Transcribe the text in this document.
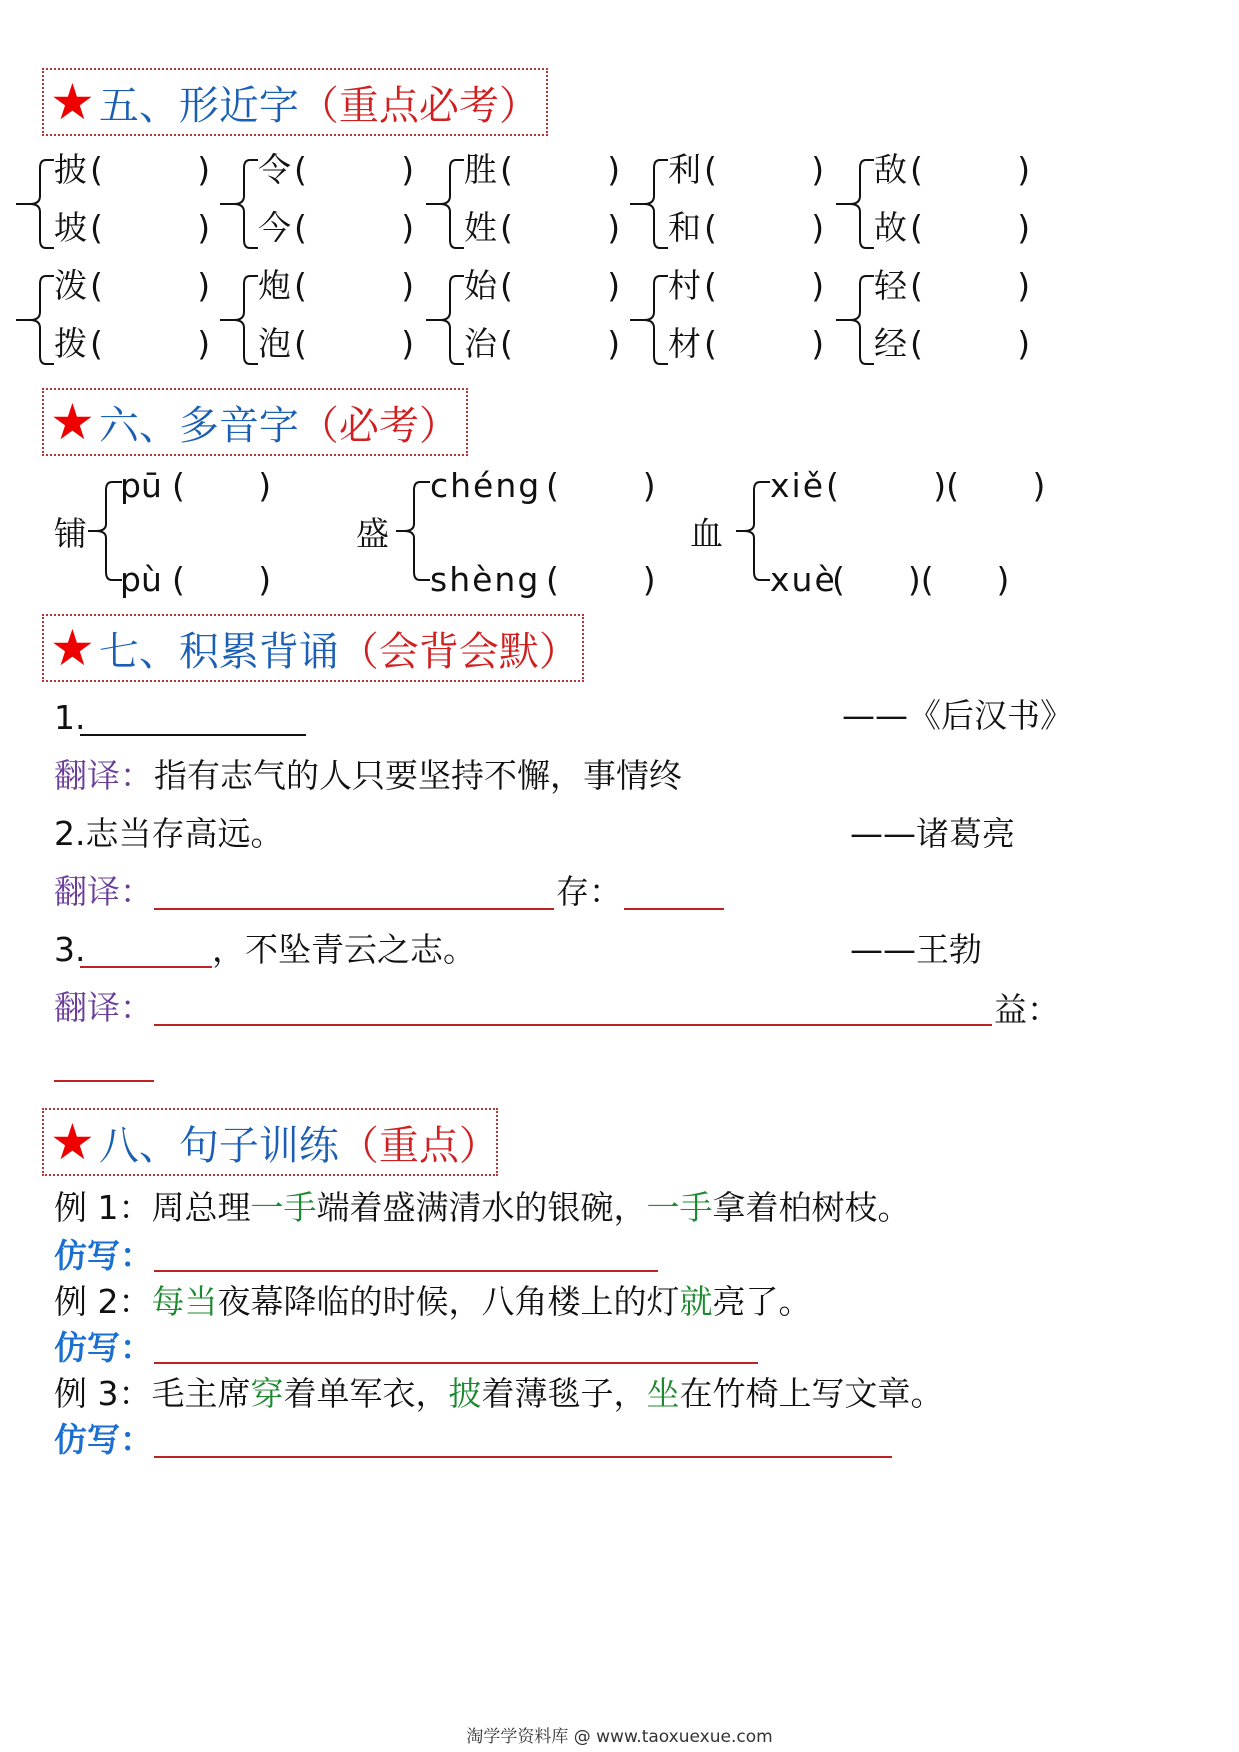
★ 五、形近字 （重点必考）
披 (         )
坡 (         )
令 (         )
今 (         )
胜 (         )
姓 (         )
利 (         )
和 (         )
敌 (         )
故 (         )
泼 (         )
拨 (         )
炮 (         )
泡 (         )
始 (         )
治 (         )
村 (         )
材 (         )
轻 (         )
经 (         )
★ 六、多音字 （必考）
铺
pū (       )
pù (       )
盛
chéng (        )
shèng (        )
血
xiě (         )(       )
xuè
(      )(      )
★ 七、积累背诵 （会背会默）
1.	——《后汉书》
翻译： 指有志气的人只要坚持不懈，事情终
2.志当存高远。	——诸葛亮
翻译：	存：
3.	，不坠青云之志。	——王勃
翻译：	益：
★ 八、句子训练 （重点）
例 1：周总理一手端着盛满清水的银碗，一手拿着柏树枝。
仿写：
例 2：每当夜幕降临的时候，八角楼上的灯就亮了。
仿写：
例 3：毛主席穿着单军衣，披着薄毯子，坐在竹椅上写文章。
仿写：
淘学学资料库 @ www.taoxuexue.com
